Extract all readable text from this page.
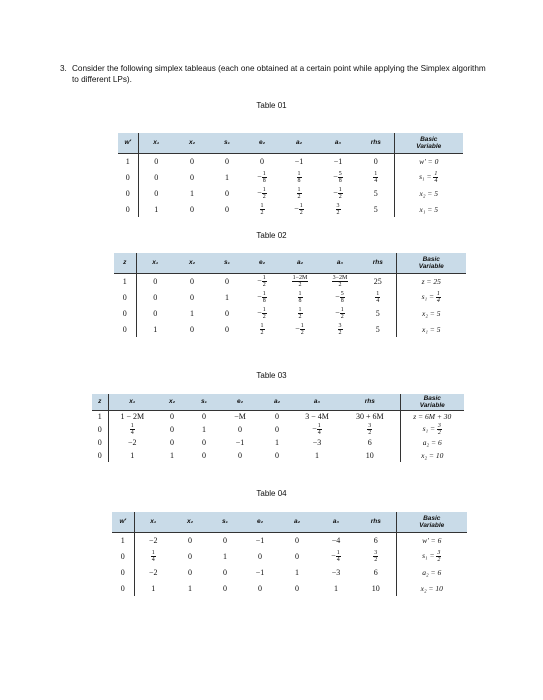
3. Consider the following simplex tableaus (each one obtained at a certain point while applying the Simplex algorithm to different LPs).
Table 01
w′	x₁	x₂	s₁	e₂	a₂	a₃	rhs	Basic
Variable

1	0	0	0	0	−1	−1	0	w′ = 0
0	0	0	1	− $\frac{1}{8}$	$\frac{1}{8}$	− $\frac{5}{8}$	$\frac{1}{4}$	$s_1 = \frac{1}{4}$

0	0	1	0	− $\frac{1}{2}$	$\frac{1}{2}$	− $\frac{1}{2}$	5	x₂ = 5
0	1	0	0	$\frac{1}{2}$	− $\frac{1}{2}$	$\frac{3}{2}$	5	x₁ = 5
Table 02
z	x₁	x₂	s₁	e₂	a₂	a₃	rhs	Basic
Variable

1	0	0	0	− $\frac{1}{2}$	$\frac{1-2M}{2}$	$\frac{3-2M}{2}$	25	z = 25
0	0	0	1	− $\frac{1}{8}$	$\frac{1}{8}$	− $\frac{5}{8}$	$\frac{1}{4}$	$s_1 = \frac{1}{4}$

0	0	1	0	− $\frac{1}{2}$	$\frac{1}{2}$	− $\frac{1}{2}$	5	x₂ = 5
0	1	0	0	$\frac{1}{2}$	− $\frac{1}{2}$	$\frac{3}{2}$	5	x₁ = 5
Table 03
z	x₁	x₂	s₁	e₂	a₂	a₃	rhs	Basic
Variable

1	1 − 2M	0	0	−M	0	3 − 4M	30 + 6M	z = 6M + 30
0	$\frac{1}{4}$	0	1	0	0	− $\frac{1}{4}$	$\frac{3}{2}$	$s_1 = \frac{3}{2}$

0	−2	0	0	−1	1	−3	6	a₂ = 6
0	1	1	0	0	0	1	10	x₂ = 10
Table 04
w′	x₁	x₂	s₁	e₂	a₂	a₃	rhs	Basic
Variable

1	−2	0	0	−1	0	−4	6	w′ = 6
0	$\frac{1}{4}$	0	1	0	0	− $\frac{1}{4}$	$\frac{3}{2}$	$s_1 = \frac{3}{2}$

0	−2	0	0	−1	1	−3	6	a₂ = 6
0	1	1	0	0	0	1	10	x₂ = 10
